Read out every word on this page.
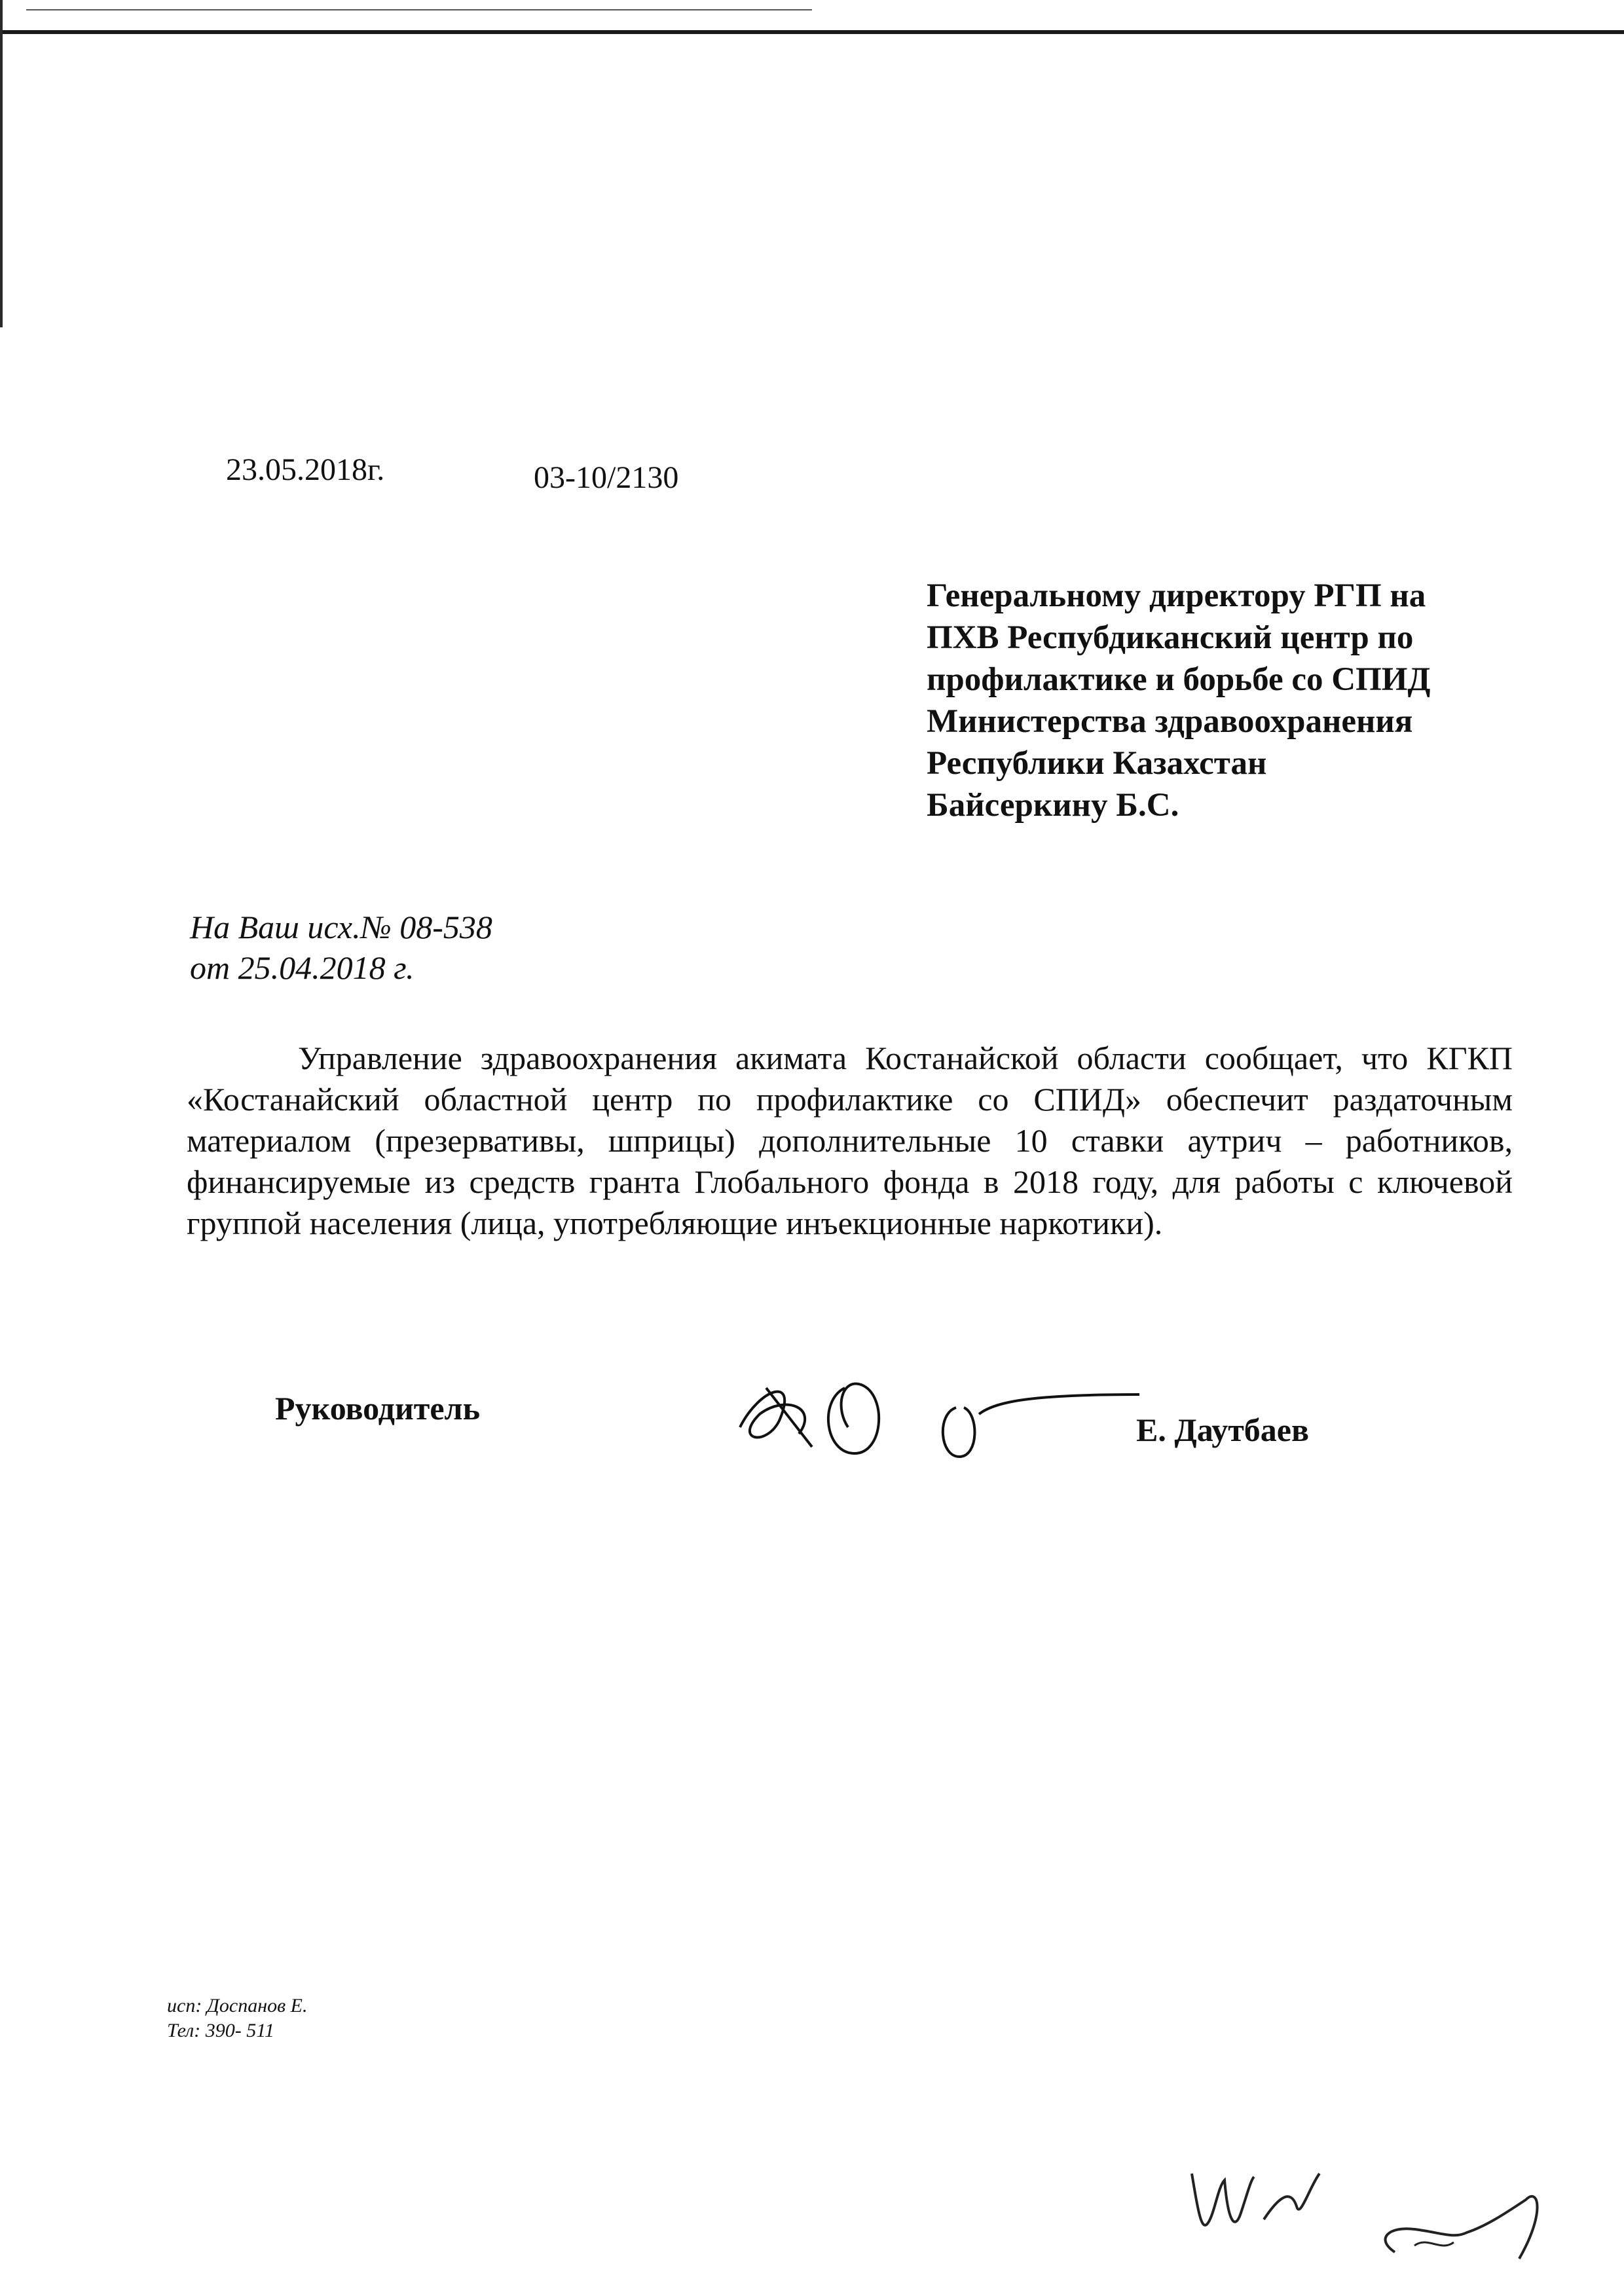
23.05.2018г.	03-10/2130
Генеральному директору РГП на
ПХВ Респубдиканский центр по
профилактике и борьбе со СПИД
Министерства здравоохранения
Республики Казахстан
Байсеркину Б.С.
На Ваш исх.№ 08-538
от 25.04.2018 г.
Управление здравоохранения акимата Костанайской области сообщает, что КГКП «Костанайский областной центр по профилактике со СПИД» обеспечит раздаточным материалом (презервативы, шприцы) дополнительные 10 ставки аутрич – работников, финансируемые из средств гранта Глобального фонда в 2018 году, для работы с ключевой группой населения (лица, употребляющие инъекционные наркотики).
Руководитель
Е. Даутбаев
исп: Доспанов Е.
Тел: 390- 511
